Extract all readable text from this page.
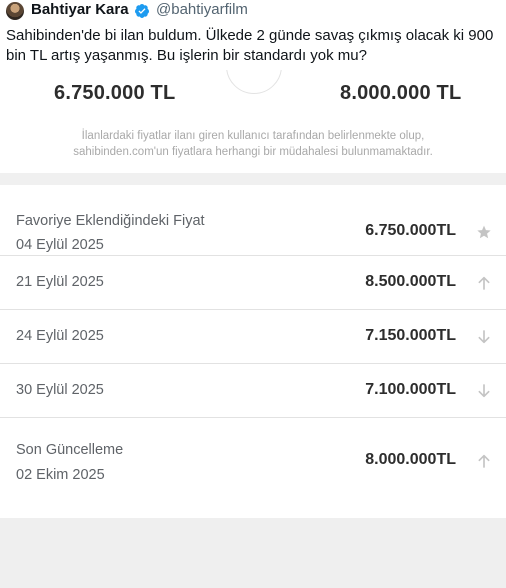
Bahtiyar Kara @bahtiyarfilm

Sahibinden'de bi ilan buldum. Ülkede 2 günde savaş çıkmış olacak ki 900 bin TL artış yaşanmış. Bu işlerin bir standardı yok mu?

6.750.000 TL	8.000.000 TL
İlanlardaki fiyatlar ilanı giren kullanıcı tarafından belirlenmekte olup,
sahibinden.com'un fiyatlara herhangi bir müdahalesi bulunmamaktadır.
Favoriye Eklendiğindeki Fiyat
04 Eylül 2025
6.750.000TL
21 Eylül 2025	8.500.000TL
24 Eylül 2025	7.150.000TL
30 Eylül 2025	7.100.000TL
Son Güncelleme
02 Ekim 2025
8.000.000TL
